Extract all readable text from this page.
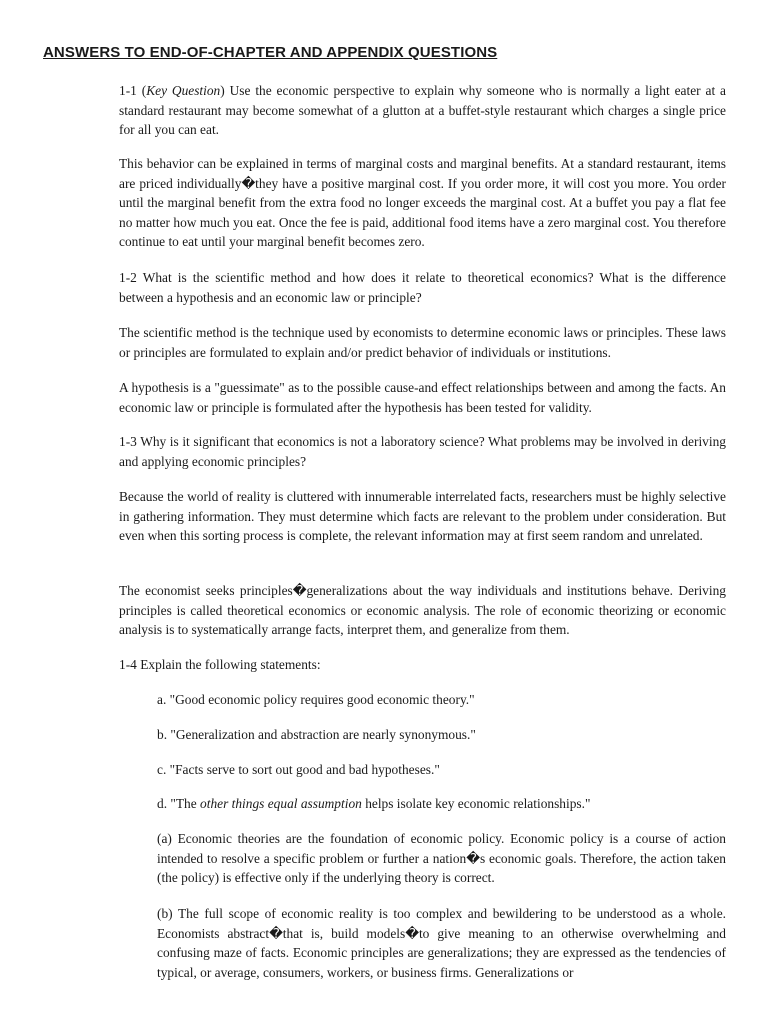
ANSWERS TO END-OF-CHAPTER AND APPENDIX QUESTIONS

1-1 (Key Question) Use the economic perspective to explain why someone who is normally a light eater at a standard restaurant may become somewhat of a glutton at a buffet-style restaurant which charges a single price for all you can eat.

This behavior can be explained in terms of marginal costs and marginal benefits. At a standard restaurant, items are priced individually�they have a positive marginal cost. If you order more, it will cost you more. You order until the marginal benefit from the extra food no longer exceeds the marginal cost. At a buffet you pay a flat fee no matter how much you eat. Once the fee is paid, additional food items have a zero marginal cost. You therefore continue to eat until your marginal benefit becomes zero.

1-2 What is the scientific method and how does it relate to theoretical economics? What is the difference between a hypothesis and an economic law or principle?

The scientific method is the technique used by economists to determine economic laws or principles. These laws or principles are formulated to explain and/or predict behavior of individuals or institutions.

A hypothesis is a "guessimate" as to the possible cause-and effect relationships between and among the facts. An economic law or principle is formulated after the hypothesis has been tested for validity.

1-3 Why is it significant that economics is not a laboratory science? What problems may be involved in deriving and applying economic principles?

Because the world of reality is cluttered with innumerable interrelated facts, researchers must be highly selective in gathering information. They must determine which facts are relevant to the problem under consideration. But even when this sorting process is complete, the relevant information may at first seem random and unrelated.

The economist seeks principles�generalizations about the way individuals and institutions behave. Deriving principles is called theoretical economics or economic analysis. The role of economic theorizing or economic analysis is to systematically arrange facts, interpret them, and generalize from them.

1-4 Explain the following statements:

a. "Good economic policy requires good economic theory."

b. "Generalization and abstraction are nearly synonymous."

c. "Facts serve to sort out good and bad hypotheses."

d. "The other things equal assumption helps isolate key economic relationships."

(a) Economic theories are the foundation of economic policy. Economic policy is a course of action intended to resolve a specific problem or further a nation�s economic goals. Therefore, the action taken (the policy) is effective only if the underlying theory is correct.

(b) The full scope of economic reality is too complex and bewildering to be understood as a whole. Economists abstract�that is, build models�to give meaning to an otherwise overwhelming and confusing maze of facts. Economic principles are generalizations; they are expressed as the tendencies of typical, or average, consumers, workers, or business firms. Generalizations or
